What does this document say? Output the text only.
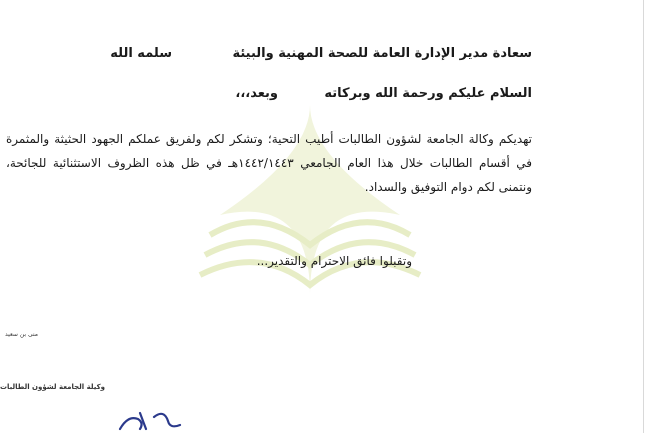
سعادة مدير الإدارة العامة للصحة المهنية والبيئة
سلمه الله
السلام عليكم ورحمة الله وبركاته
وبعد،،،
تهديكم وكالة الجامعة لشؤون الطالبات أطيب التحية؛ وتشكر لكم ولفريق عملكم الجهود الحثيثة والمثمرة في أقسام الطالبات خلال هذا العام الجامعي ١٤٤٢/١٤٤٣هـ في ظل هذه الظروف الاستثنائية للجائحة، ونتمنى لكم دوام التوفيق والسداد.
وتقبلوا فائق الاحترام والتقدير...
منى بن سعيد
وكيلة الجامعة لشؤون الطالبات
